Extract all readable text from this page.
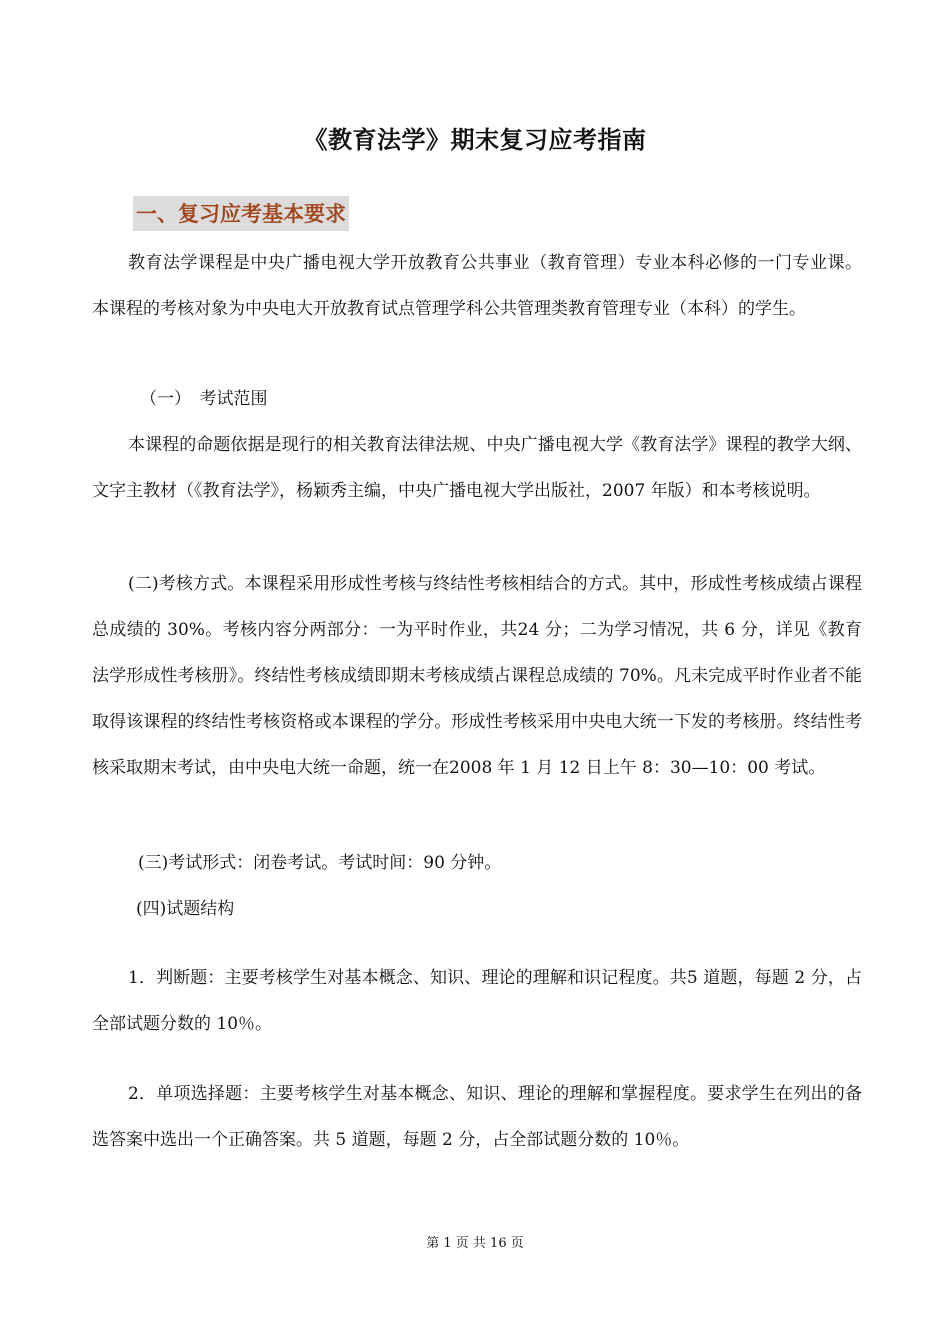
《教育法学》期末复习应考指南
一、复习应考基本要求

教育法学课程是中央广播电视大学开放教育公共事业（教育管理）专业本科必修的一门专业课。 本课程的考核对象为中央电大开放教育试点管理学科公共管理类教育管理专业（本科）的学生。

（一）　考试范围

本课程的命题依据是现行的相关教育法律法规、中央广播电视大学《教育法学》课程的教学大纲、文字主教材（《教育法学》，杨颖秀主编，中央广播电视大学出版社，2007 年版）和本考核说明。

(二)考核方式。本课程采用形成性考核与终结性考核相结合的方式。其中，形成性考核成绩占课程总成绩的 30%。考核内容分两部分：一为平时作业，共24 分；二为学习情况，共 6 分，详见《教育法学形成性考核册》。终结性考核成绩即期末考核成绩占课程总成绩的 70%。凡未完成平时作业者不能取得该课程的终结性考核资格或本课程的学分。形成性考核采用中央电大统一下发的考核册。终结性考核采取期末考试，由中央电大统一命题，统一在2008 年 1 月 12 日上午 8：30—10：00 考试。

(三)考试形式：闭卷考试。考试时间：90 分钟。

(四)试题结构

1．判断题：主要考核学生对基本概念、知识、理论的理解和识记程度。共5 道题，每题 2 分，占全部试题分数的 10％。

2．单项选择题：主要考核学生对基本概念、知识、理论的理解和掌握程度。要求学生在列出的备选答案中选出一个正确答案。共 5 道题，每题 2 分，占全部试题分数的 10％。

第 1 页 共 16 页
